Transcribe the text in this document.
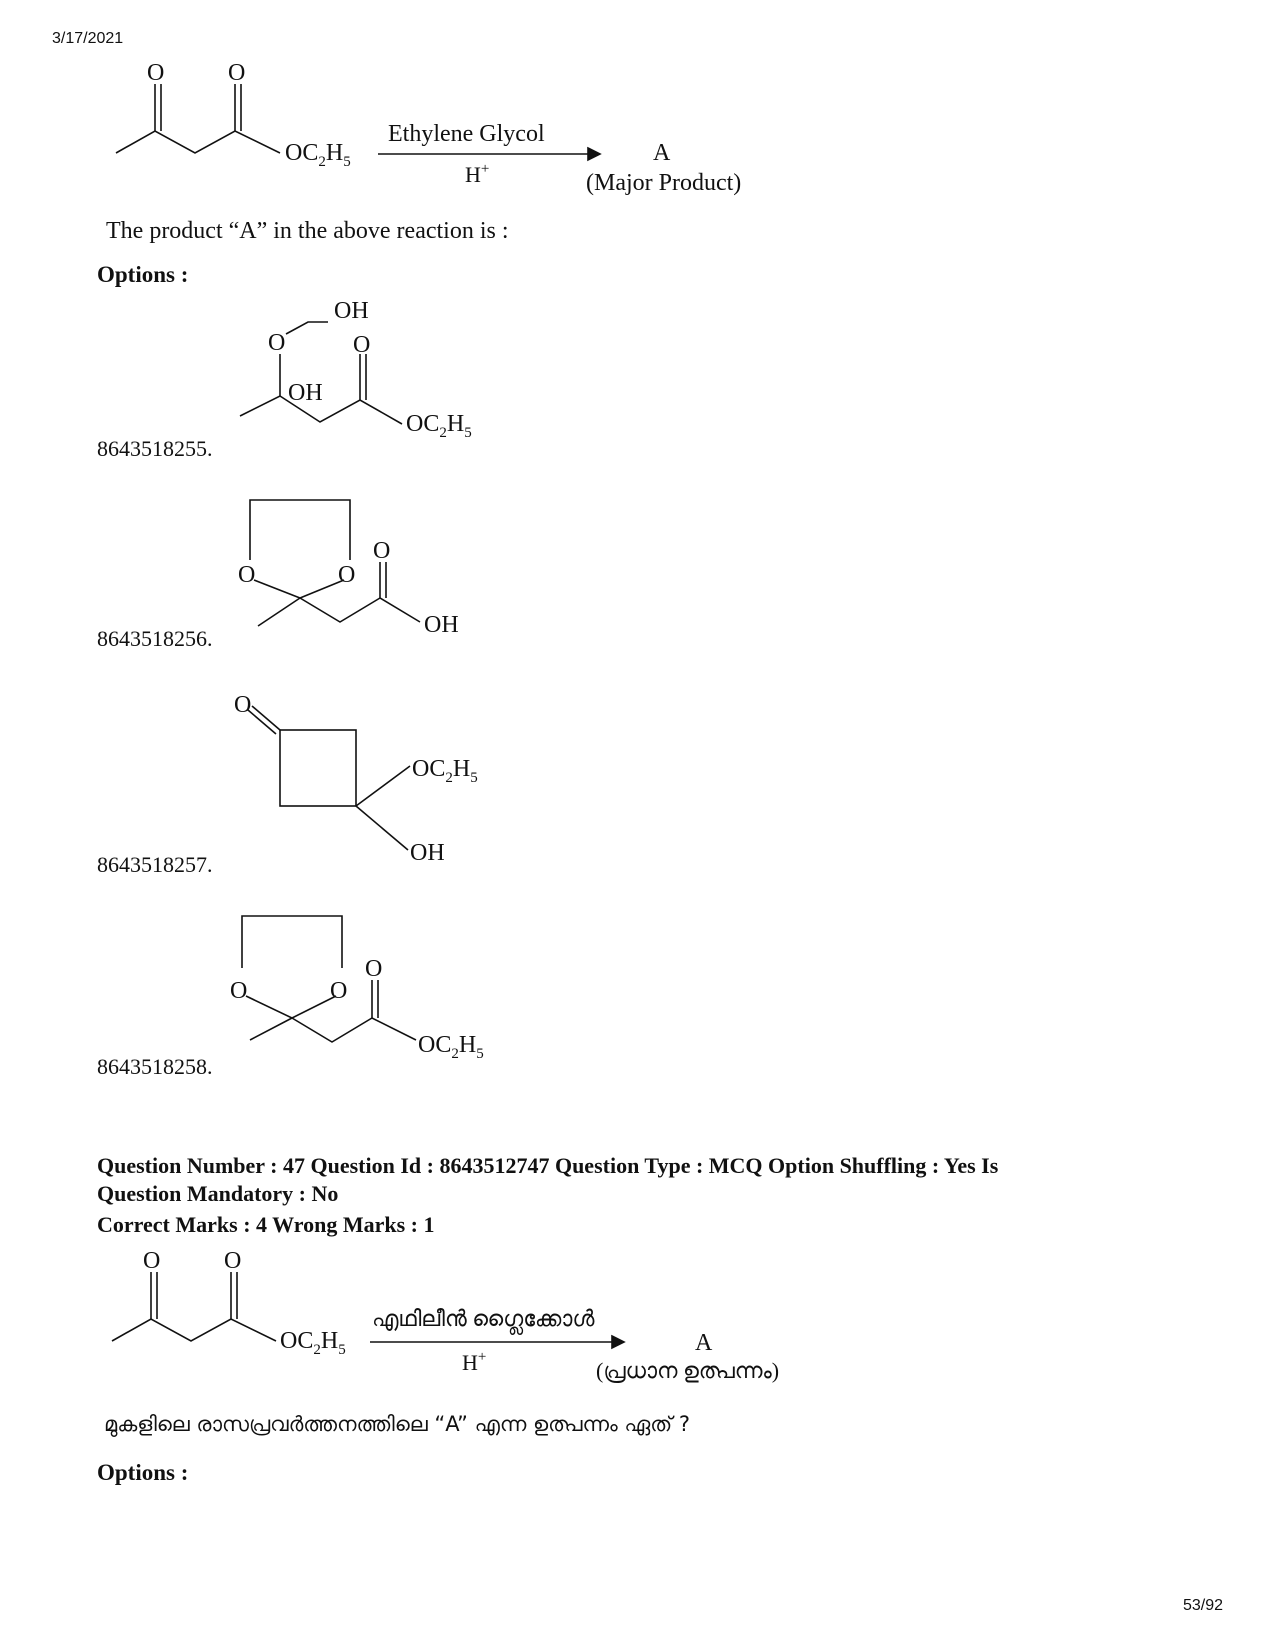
3/17/2021
O	O
$OC_2H_5$
Ethylene Glycol
H+
A
(Major Product)
The product “A” in the above reaction is :
Options :
8643518255.
O
O
OH
OH
$OC_2H_5$
8643518256.
O	O
O
OH
8643518257.
O
$OC_2H_5$
OH
8643518258.
O	O
O
$OC_2H_5$
Question Number : 47 Question Id : 8643512747 Question Type : MCQ Option Shuffling : Yes Is
Question Mandatory : No
Correct Marks : 4 Wrong Marks : 1
O	O
$OC_2H_5$
എഥിലീൻ ഗ്ലൈക്കോൾ
H+
A
(പ്രധാന ഉത്പന്നം)
മുകളിലെ രാസപ്രവർത്തനത്തിലെ “A” എന്ന ഉത്പന്നം ഏത് ?
Options :
53/92
